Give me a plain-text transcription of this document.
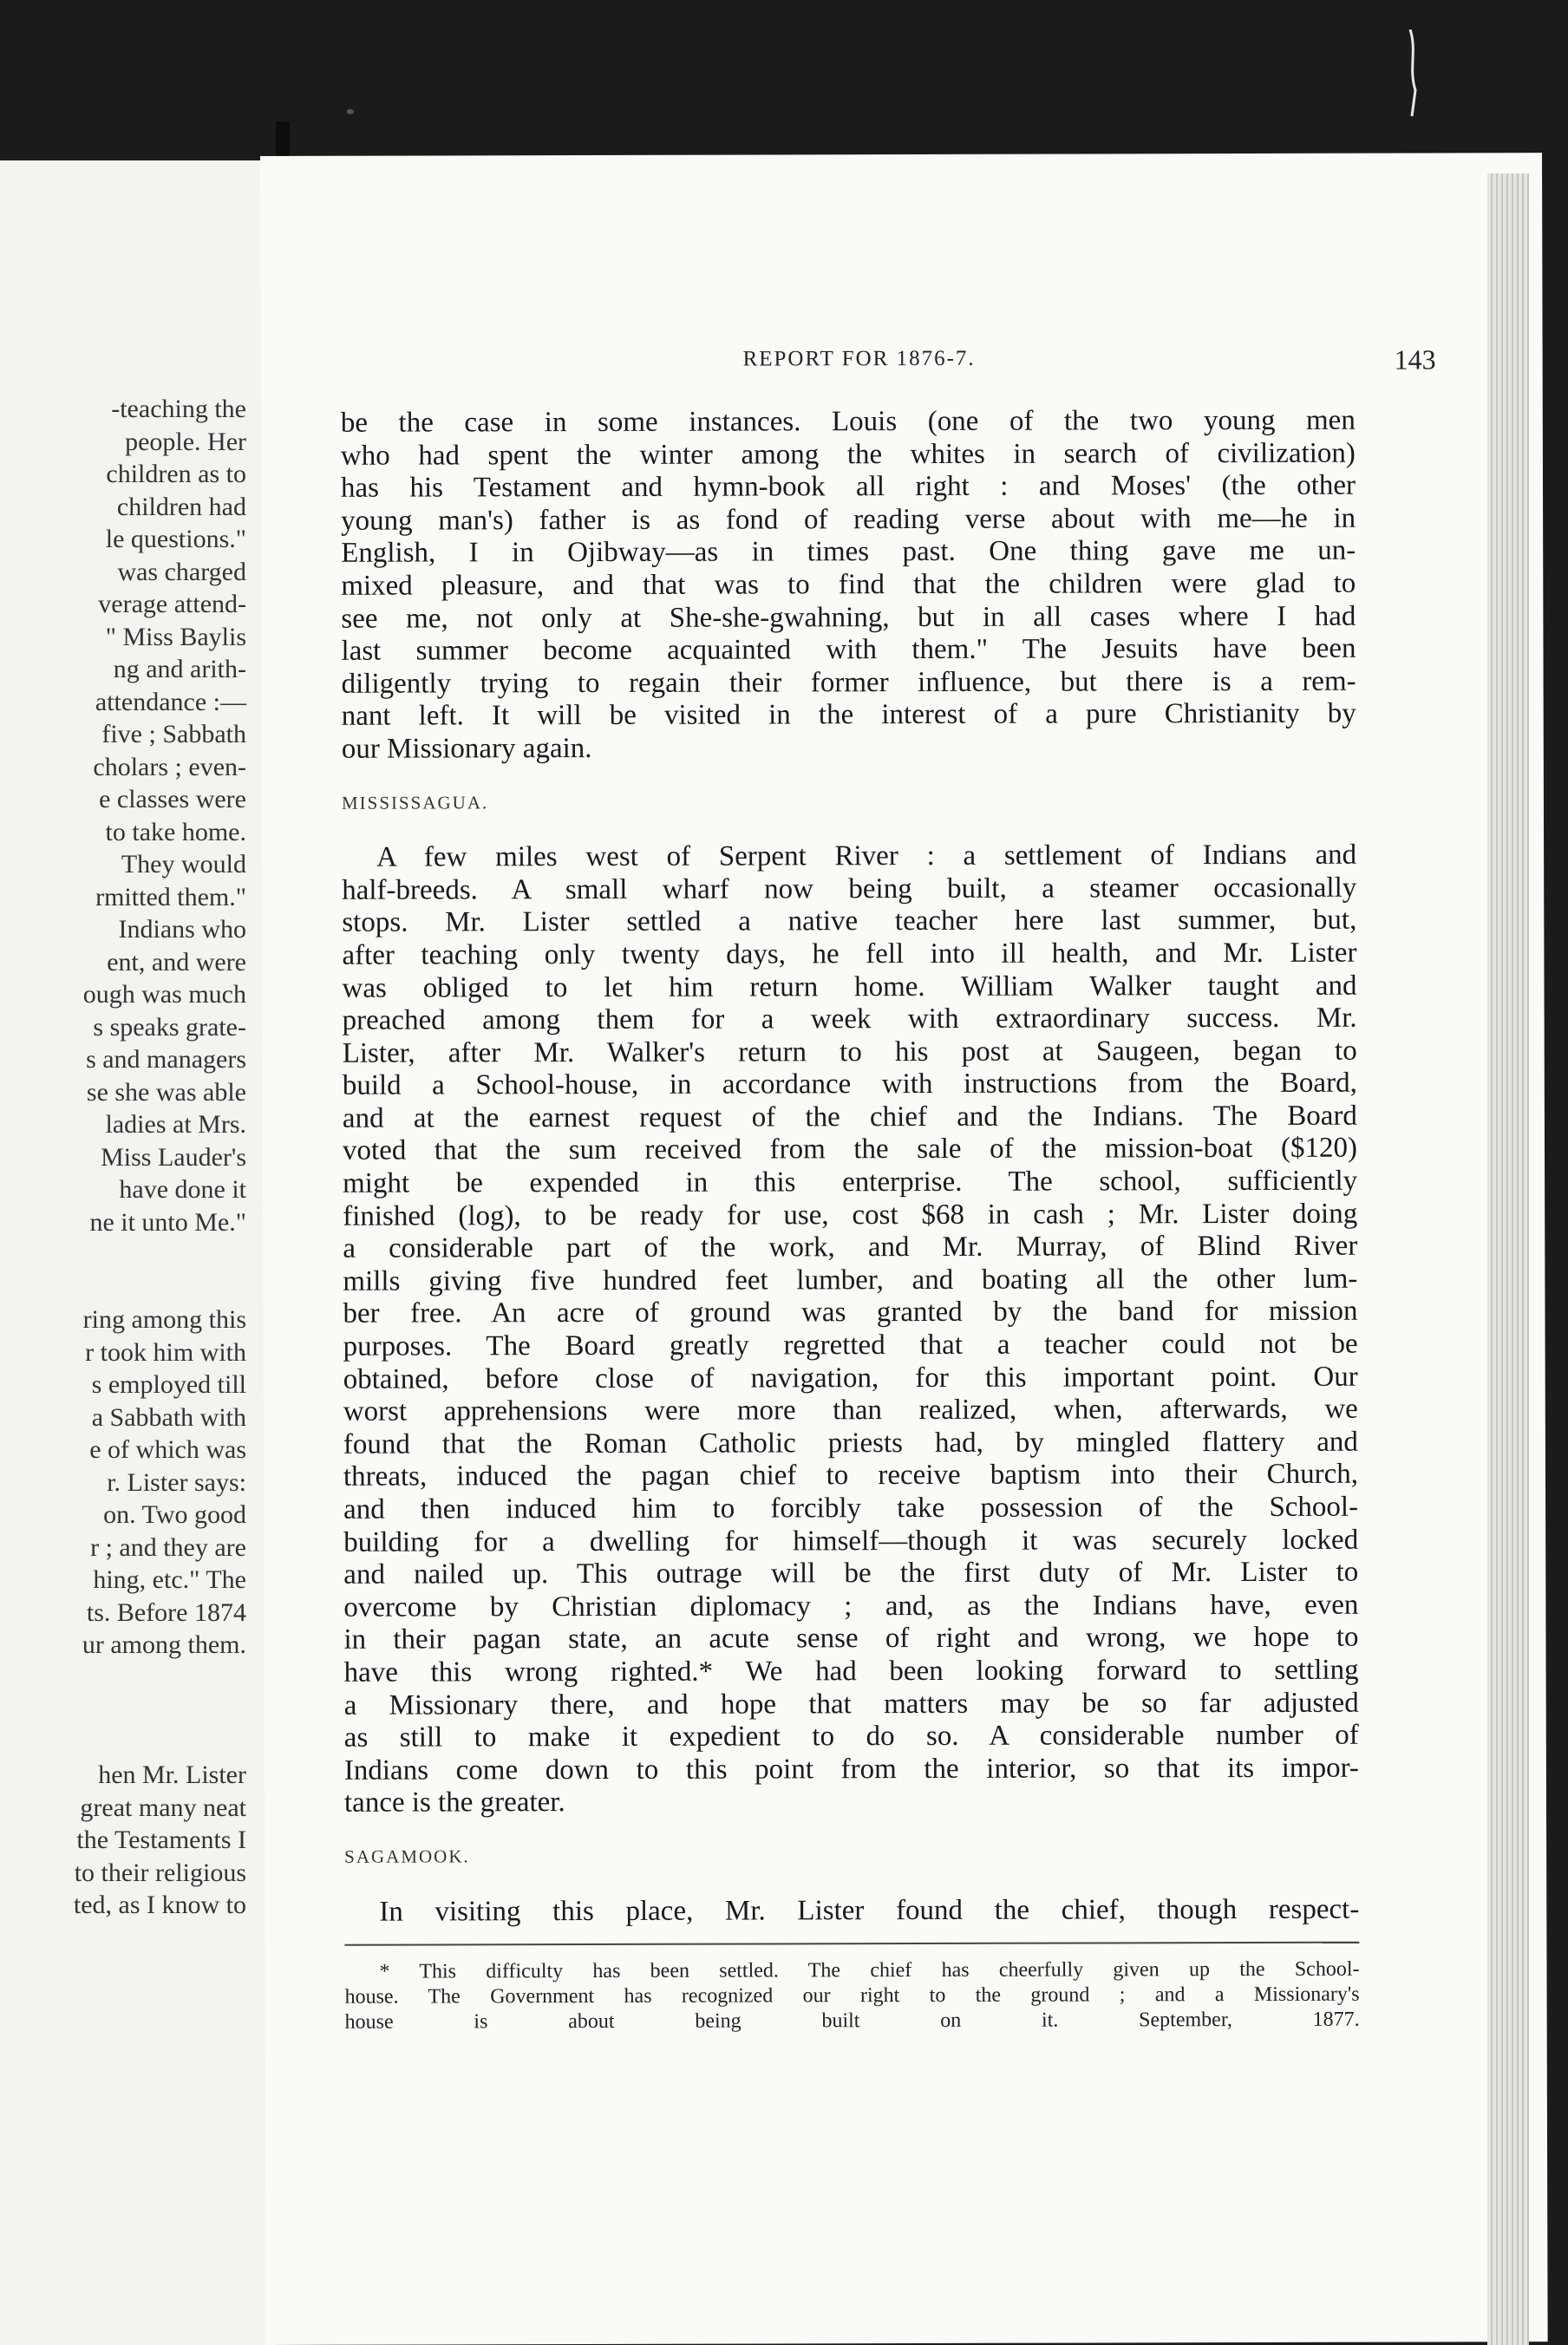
-teaching the
people. Her
children as to
children had
le questions."
was charged
verage attend-
" Miss Baylis
ng and arith-
attendance :—
five ; Sabbath
cholars ; even-
e classes were
to take home.
They would
rmitted them."
Indians who
ent, and were
ough was much
s speaks grate-
s and managers
se she was able
ladies at Mrs.
Miss Lauder's
have done it
ne it unto Me."

ring among this
r took him with
s employed till
a Sabbath with
e of which was
r. Lister says:
on. Two good
r ; and they are
hing, etc." The
ts. Before 1874
ur among them.

hen Mr. Lister
great many neat
the Testaments I
to their religious
ted, as I know to
REPORT FOR 1876-7.	143

be the case in some instances. Louis (one of the two young men
who had spent the winter among the whites in search of civilization)
has his Testament and hymn-book all right : and Moses' (the other
young man's) father is as fond of reading verse about with me—he in
English, I in Ojibway—as in times past. One thing gave me un-
mixed pleasure, and that was to find that the children were glad to
see me, not only at She-she-gwahning, but in all cases where I had
last summer become acquainted with them." The Jesuits have been
diligently trying to regain their former influence, but there is a rem-
nant left. It will be visited in the interest of a pure Christianity by
our Missionary again.

MISSISSAGUA.

A few miles west of Serpent River : a settlement of Indians and
half-breeds. A small wharf now being built, a steamer occasionally
stops. Mr. Lister settled a native teacher here last summer, but,
after teaching only twenty days, he fell into ill health, and Mr. Lister
was obliged to let him return home. William Walker taught and
preached among them for a week with extraordinary success. Mr.
Lister, after Mr. Walker's return to his post at Saugeen, began to
build a School-house, in accordance with instructions from the Board,
and at the earnest request of the chief and the Indians. The Board
voted that the sum received from the sale of the mission-boat ($120)
might be expended in this enterprise. The school, sufficiently
finished (log), to be ready for use, cost $68 in cash ; Mr. Lister doing
a considerable part of the work, and Mr. Murray, of Blind River
mills giving five hundred feet lumber, and boating all the other lum-
ber free. An acre of ground was granted by the band for mission
purposes. The Board greatly regretted that a teacher could not be
obtained, before close of navigation, for this important point. Our
worst apprehensions were more than realized, when, afterwards, we
found that the Roman Catholic priests had, by mingled flattery and
threats, induced the pagan chief to receive baptism into their Church,
and then induced him to forcibly take possession of the School-
building for a dwelling for himself—though it was securely locked
and nailed up. This outrage will be the first duty of Mr. Lister to
overcome by Christian diplomacy ; and, as the Indians have, even
in their pagan state, an acute sense of right and wrong, we hope to
have this wrong righted.* We had been looking forward to settling
a Missionary there, and hope that matters may be so far adjusted
as still to make it expedient to do so. A considerable number of
Indians come down to this point from the interior, so that its impor-
tance is the greater.

SAGAMOOK.

In visiting this place, Mr. Lister found the chief, though respect-

* This difficulty has been settled. The chief has cheerfully given up the School-
house. The Government has recognized our right to the ground ; and a Missionary's
house is about being built on it. September, 1877.
